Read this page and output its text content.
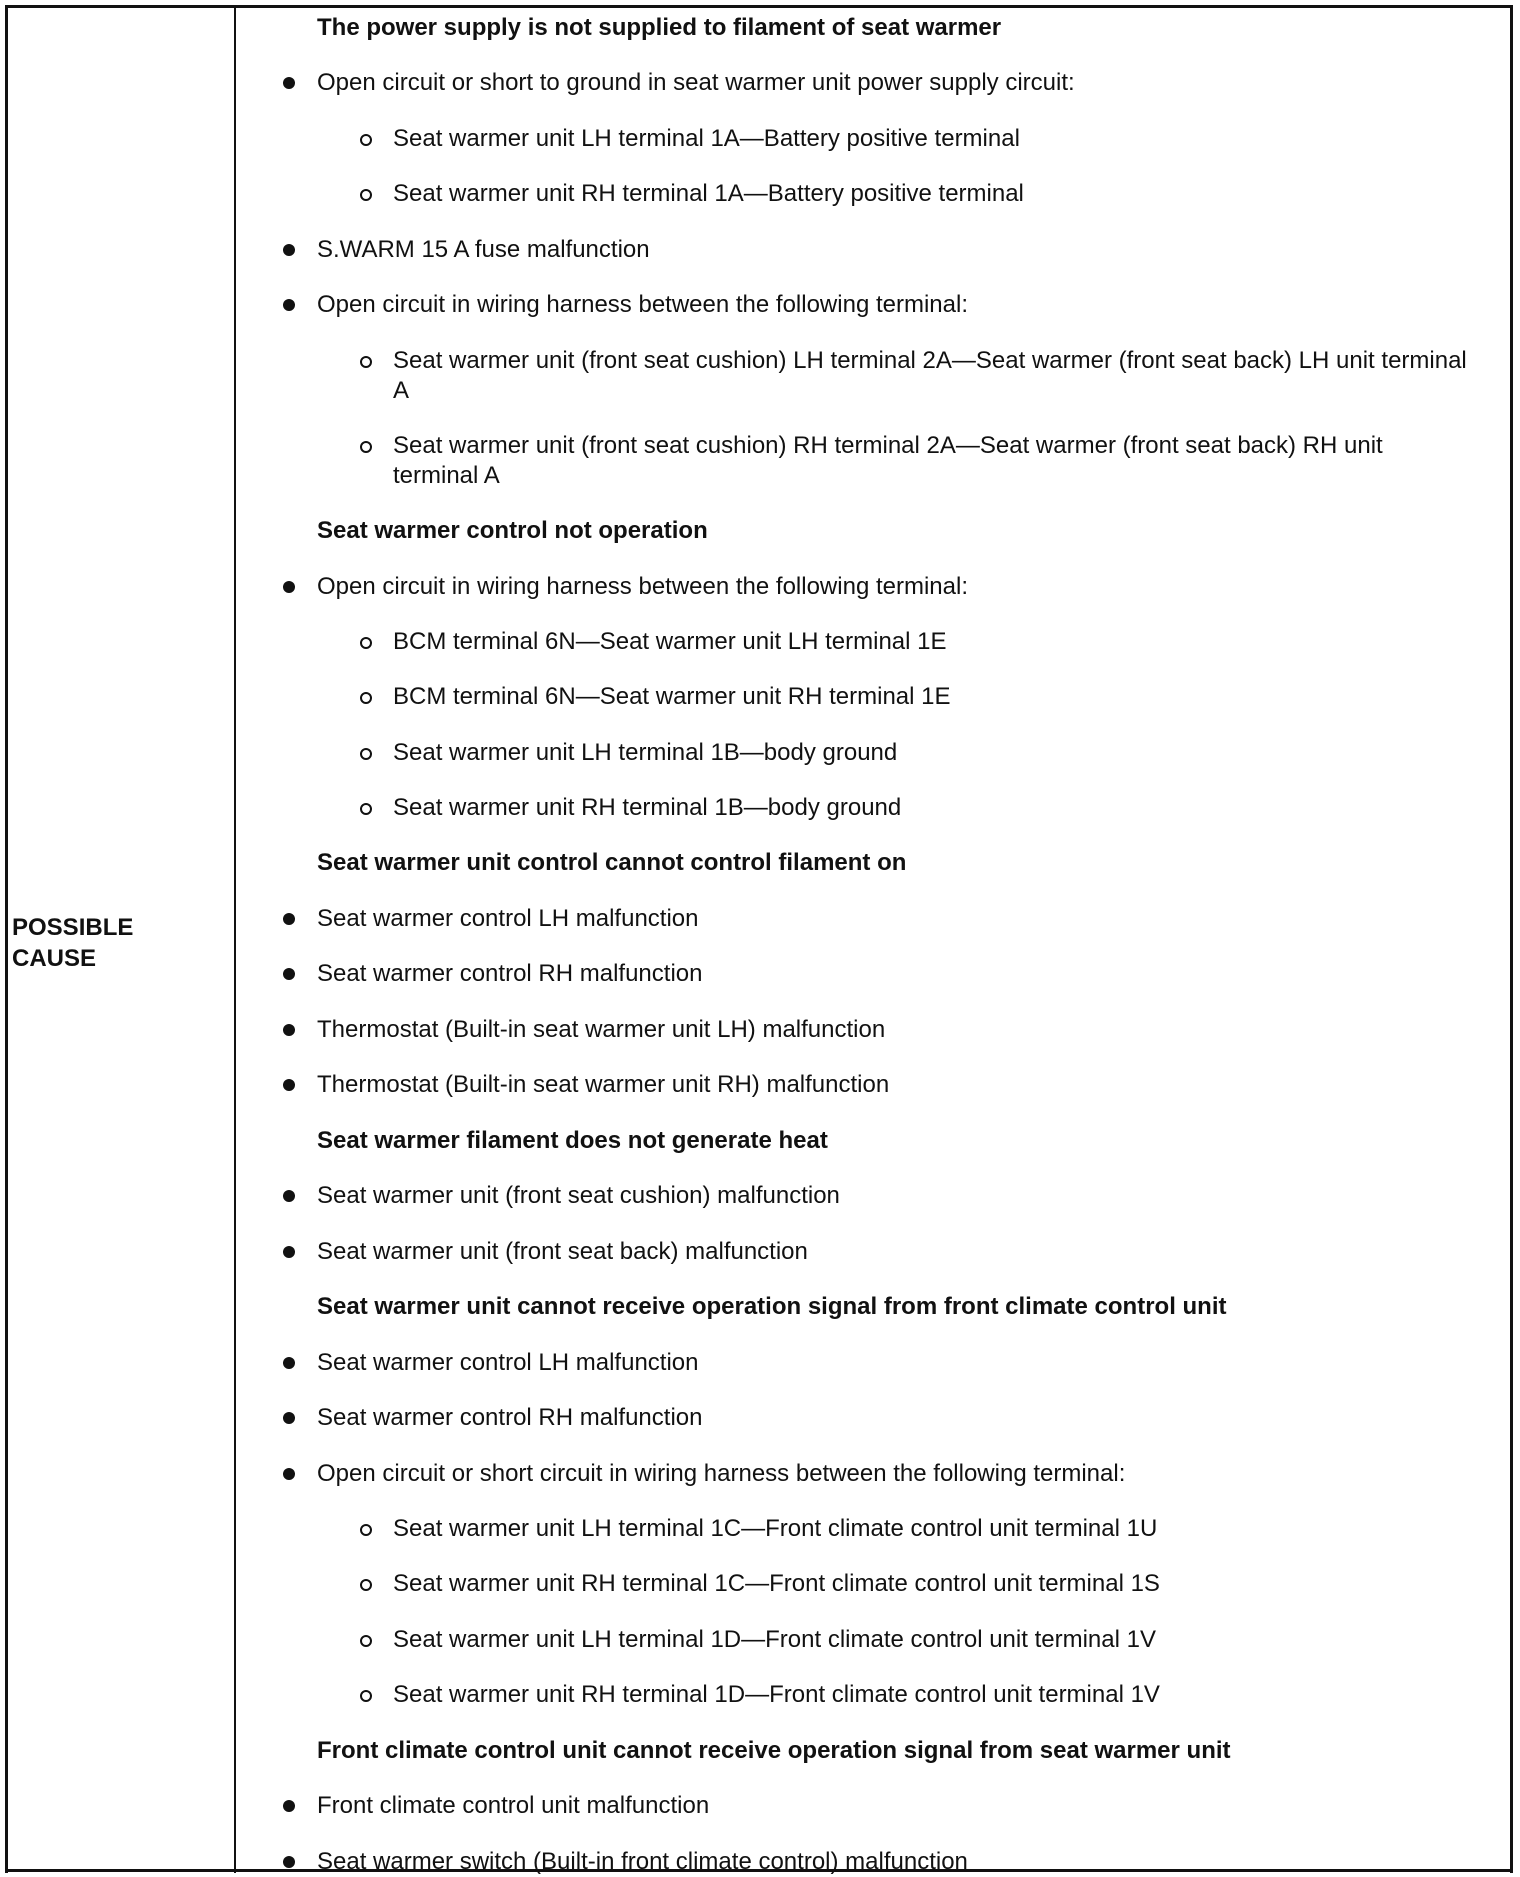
POSSIBLE
CAUSE
The power supply is not supplied to filament of seat warmer
Open circuit or short to ground in seat warmer unit power supply circuit:
Seat warmer unit LH terminal 1A—Battery positive terminal
Seat warmer unit RH terminal 1A—Battery positive terminal
S.WARM 15 A fuse malfunction
Open circuit in wiring harness between the following terminal:
Seat warmer unit (front seat cushion) LH terminal 2A—Seat warmer (front seat back) LH unit terminal A
Seat warmer unit (front seat cushion) RH terminal 2A—Seat warmer (front seat back) RH unit terminal A
Seat warmer control not operation
Open circuit in wiring harness between the following terminal:
BCM terminal 6N—Seat warmer unit LH terminal 1E
BCM terminal 6N—Seat warmer unit RH terminal 1E
Seat warmer unit LH terminal 1B—body ground
Seat warmer unit RH terminal 1B—body ground
Seat warmer unit control cannot control filament on
Seat warmer control LH malfunction
Seat warmer control RH malfunction
Thermostat (Built-in seat warmer unit LH) malfunction
Thermostat (Built-in seat warmer unit RH) malfunction
Seat warmer filament does not generate heat
Seat warmer unit (front seat cushion) malfunction
Seat warmer unit (front seat back) malfunction
Seat warmer unit cannot receive operation signal from front climate control unit
Seat warmer control LH malfunction
Seat warmer control RH malfunction
Open circuit or short circuit in wiring harness between the following terminal:
Seat warmer unit LH terminal 1C—Front climate control unit terminal 1U
Seat warmer unit RH terminal 1C—Front climate control unit terminal 1S
Seat warmer unit LH terminal 1D—Front climate control unit terminal 1V
Seat warmer unit RH terminal 1D—Front climate control unit terminal 1V
Front climate control unit cannot receive operation signal from seat warmer unit
Front climate control unit malfunction
Seat warmer switch (Built-in front climate control) malfunction
